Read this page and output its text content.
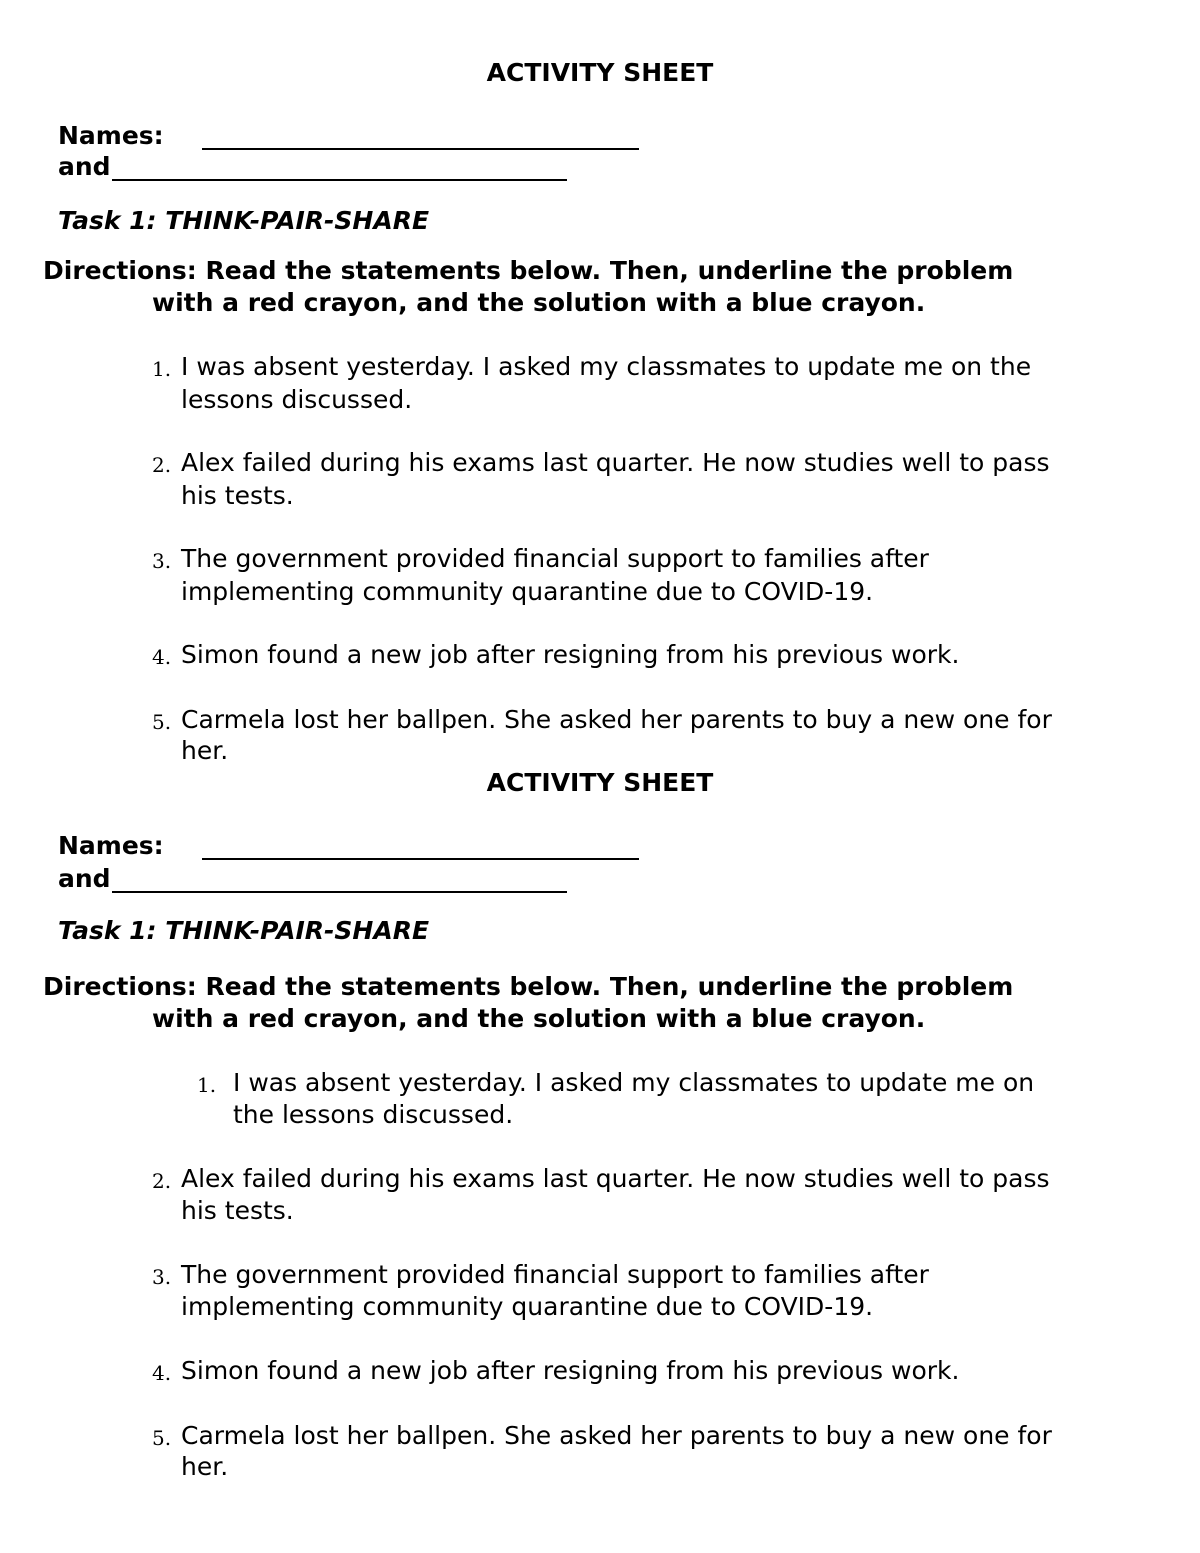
ACTIVITY SHEET
Names:
and
Task 1: THINK-PAIR-SHARE
Directions: Read the statements below. Then, underline the problem
with a red crayon, and the solution with a blue crayon.
1. I was absent yesterday. I asked my classmates to update me on the
lessons discussed.
2. Alex failed during his exams last quarter. He now studies well to pass
his tests.
3. The government provided financial support to families after
implementing community quarantine due to COVID-19.
4. Simon found a new job after resigning from his previous work.
5. Carmela lost her ballpen. She asked her parents to buy a new one for
her.
ACTIVITY SHEET
Names:
and
Task 1: THINK-PAIR-SHARE
Directions: Read the statements below. Then, underline the problem
with a red crayon, and the solution with a blue crayon.
1. I was absent yesterday. I asked my classmates to update me on
the lessons discussed.
2. Alex failed during his exams last quarter. He now studies well to pass
his tests.
3. The government provided financial support to families after
implementing community quarantine due to COVID-19.
4. Simon found a new job after resigning from his previous work.
5. Carmela lost her ballpen. She asked her parents to buy a new one for
her.
